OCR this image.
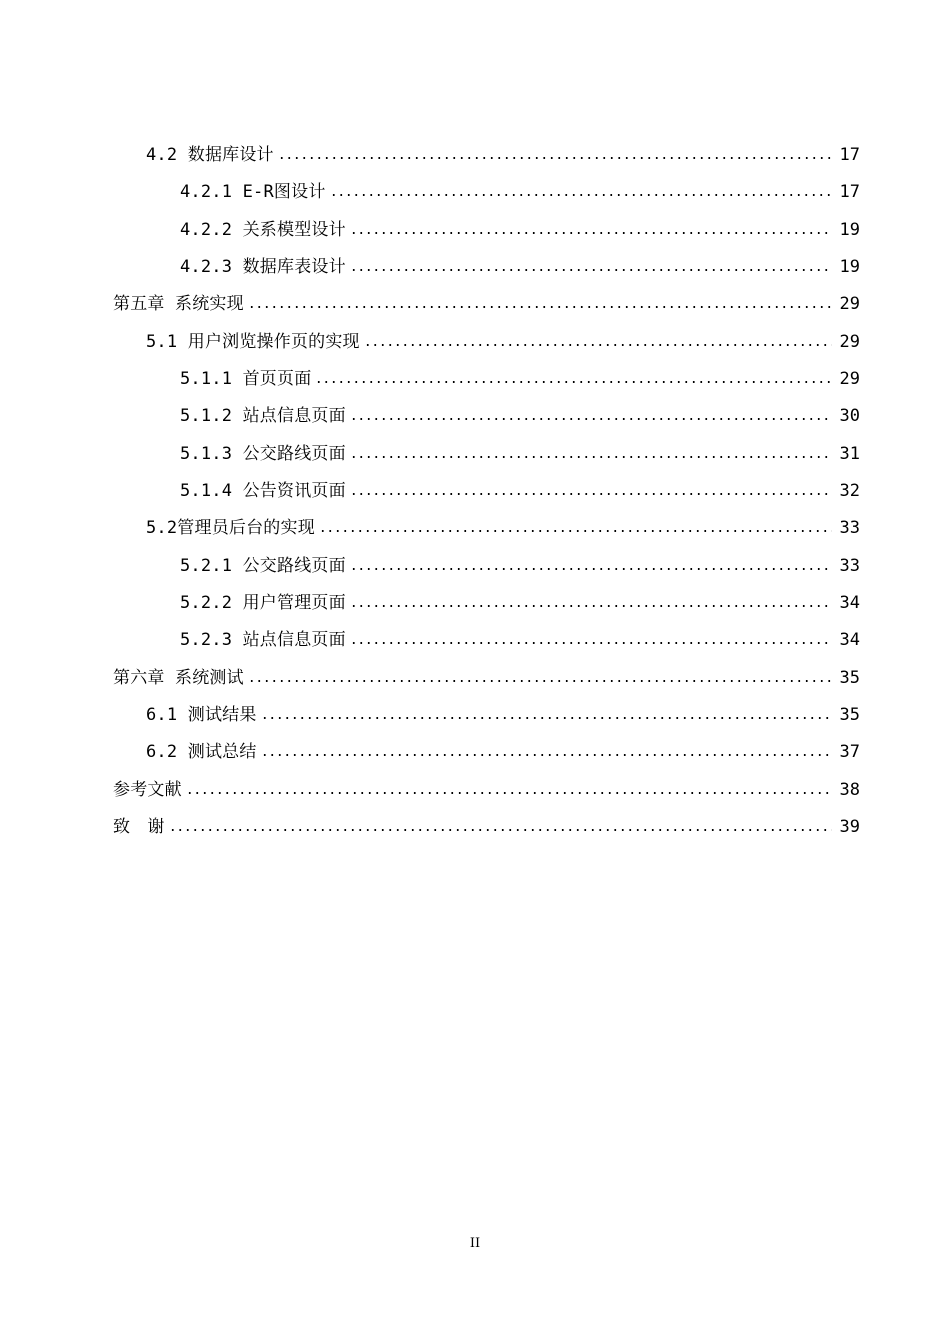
4.2 数据库设计	17
4.2.1 E-R图设计	17
4.2.2 关系模型设计	19
4.2.3 数据库表设计	19
第五章 系统实现	29
5.1 用户浏览操作页的实现	29
5.1.1 首页页面	29
5.1.2 站点信息页面	30
5.1.3 公交路线页面	31
5.1.4 公告资讯页面	32
5.2管理员后台的实现	33
5.2.1 公交路线页面	33
5.2.2 用户管理页面	34
5.2.3 站点信息页面	34
第六章 系统测试	35
6.1 测试结果	35
6.2 测试总结	37
参考文献	38
致　谢	39
II
